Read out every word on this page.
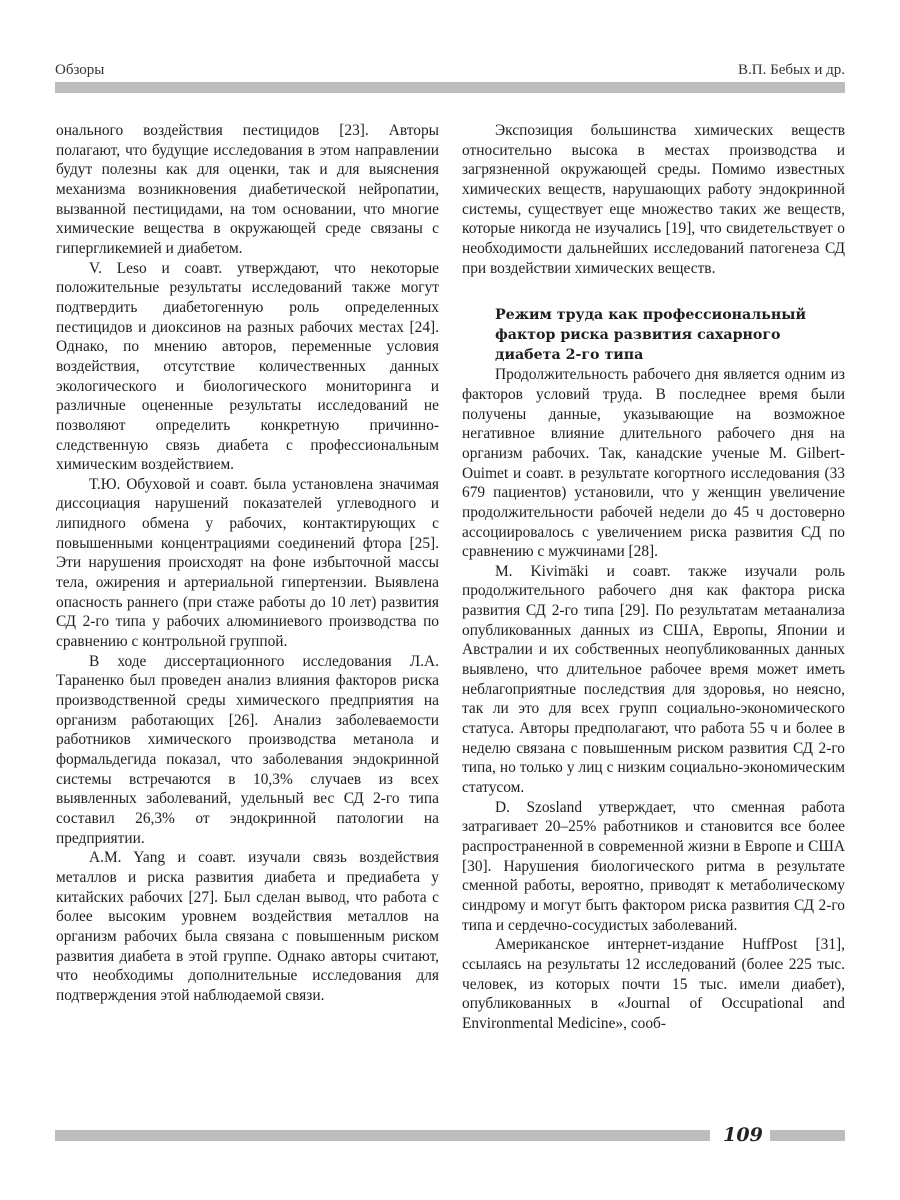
Обзоры	В.П. Бебых и др.

онального воздействия пестицидов [23]. Авторы полагают, что будущие исследования в этом направлении будут полезны как для оценки, так и для выяснения механизма возникновения диабетической нейропатии, вызванной пестицидами, на том основании, что многие химические вещества в окружающей среде связаны с гипергликемией и диабетом.

V. Leso и соавт. утверждают, что некоторые положительные результаты исследований также могут подтвердить диабетогенную роль определенных пестицидов и диоксинов на разных рабочих местах [24]. Однако, по мнению авторов, переменные условия воздействия, отсутствие количественных данных экологического и биологического мониторинга и различные оцененные результаты исследований не позволяют определить конкретную причинно-следственную связь диабета с профессиональным химическим воздействием.

Т.Ю. Обуховой и соавт. была установлена значимая диссоциация нарушений показателей углеводного и липидного обмена у рабочих, контактирующих с повышенными концентрациями соединений фтора [25]. Эти нарушения происходят на фоне избыточной массы тела, ожирения и артериальной гипертензии. Выявлена опасность раннего (при стаже работы до 10 лет) развития СД 2-го типа у рабочих алюминиевого производства по сравнению с контрольной группой.

В ходе диссертационного исследования Л.А. Тараненко был проведен анализ влияния факторов риска производственной среды химического предприятия на организм работающих [26]. Анализ заболеваемости работников химического производства метанола и формальдегида показал, что заболевания эндокринной системы встречаются в 10,3% случаев из всех выявленных заболеваний, удельный вес СД 2-го типа составил 26,3% от эндокринной патологии на предприятии.

A.M. Yang и соавт. изучали связь воздействия металлов и риска развития диабета и предиабета у китайских рабочих [27]. Был сделан вывод, что работа с более высоким уровнем воздействия металлов на организм рабочих была связана с повышенным риском развития диабета в этой группе. Однако авторы считают, что необходимы дополнительные исследования для подтверждения этой наблюдаемой связи.

Экспозиция большинства химических веществ относительно высока в местах производства и загрязненной окружающей среды. Помимо известных химических веществ, нарушающих работу эндокринной системы, существует еще множество таких же веществ, которые никогда не изучались [19], что свидетельствует о необходимости дальнейших исследований патогенеза СД при воздействии химических веществ.

Режим труда как профессиональный фактор риска развития сахарного диабета 2-го типа

Продолжительность рабочего дня является одним из факторов условий труда. В последнее время были получены данные, указывающие на возможное негативное влияние длительного рабочего дня на организм рабочих. Так, канадские ученые M. Gilbert-Ouimet и соавт. в результате когортного исследования (33 679 пациентов) установили, что у женщин увеличение продолжительности рабочей недели до 45 ч достоверно ассоциировалось с увеличением риска развития СД по сравнению с мужчинами [28].

M. Kivimäki и соавт. также изучали роль продолжительного рабочего дня как фактора риска развития СД 2-го типа [29]. По результатам метаанализа опубликованных данных из США, Европы, Японии и Австралии и их собственных неопубликованных данных выявлено, что длительное рабочее время может иметь неблагоприятные последствия для здоровья, но неясно, так ли это для всех групп социально-экономического статуса. Авторы предполагают, что работа 55 ч и более в неделю связана с повышенным риском развития СД 2-го типа, но только у лиц с низким социально-экономическим статусом.

D. Szosland утверждает, что сменная работа затрагивает 20–25% работников и становится все более распространенной в современной жизни в Европе и США [30]. Нарушения биологического ритма в результате сменной работы, вероятно, приводят к метаболическому синдрому и могут быть фактором риска развития СД 2-го типа и сердечно-сосудистых заболеваний.

Американское интернет-издание HuffPost [31], ссылаясь на результаты 12 исследований (более 225 тыс. человек, из которых почти 15 тыс. имели диабет), опубликованных в «Journal of Occupational and Environmental Medicine», сооб-

109
